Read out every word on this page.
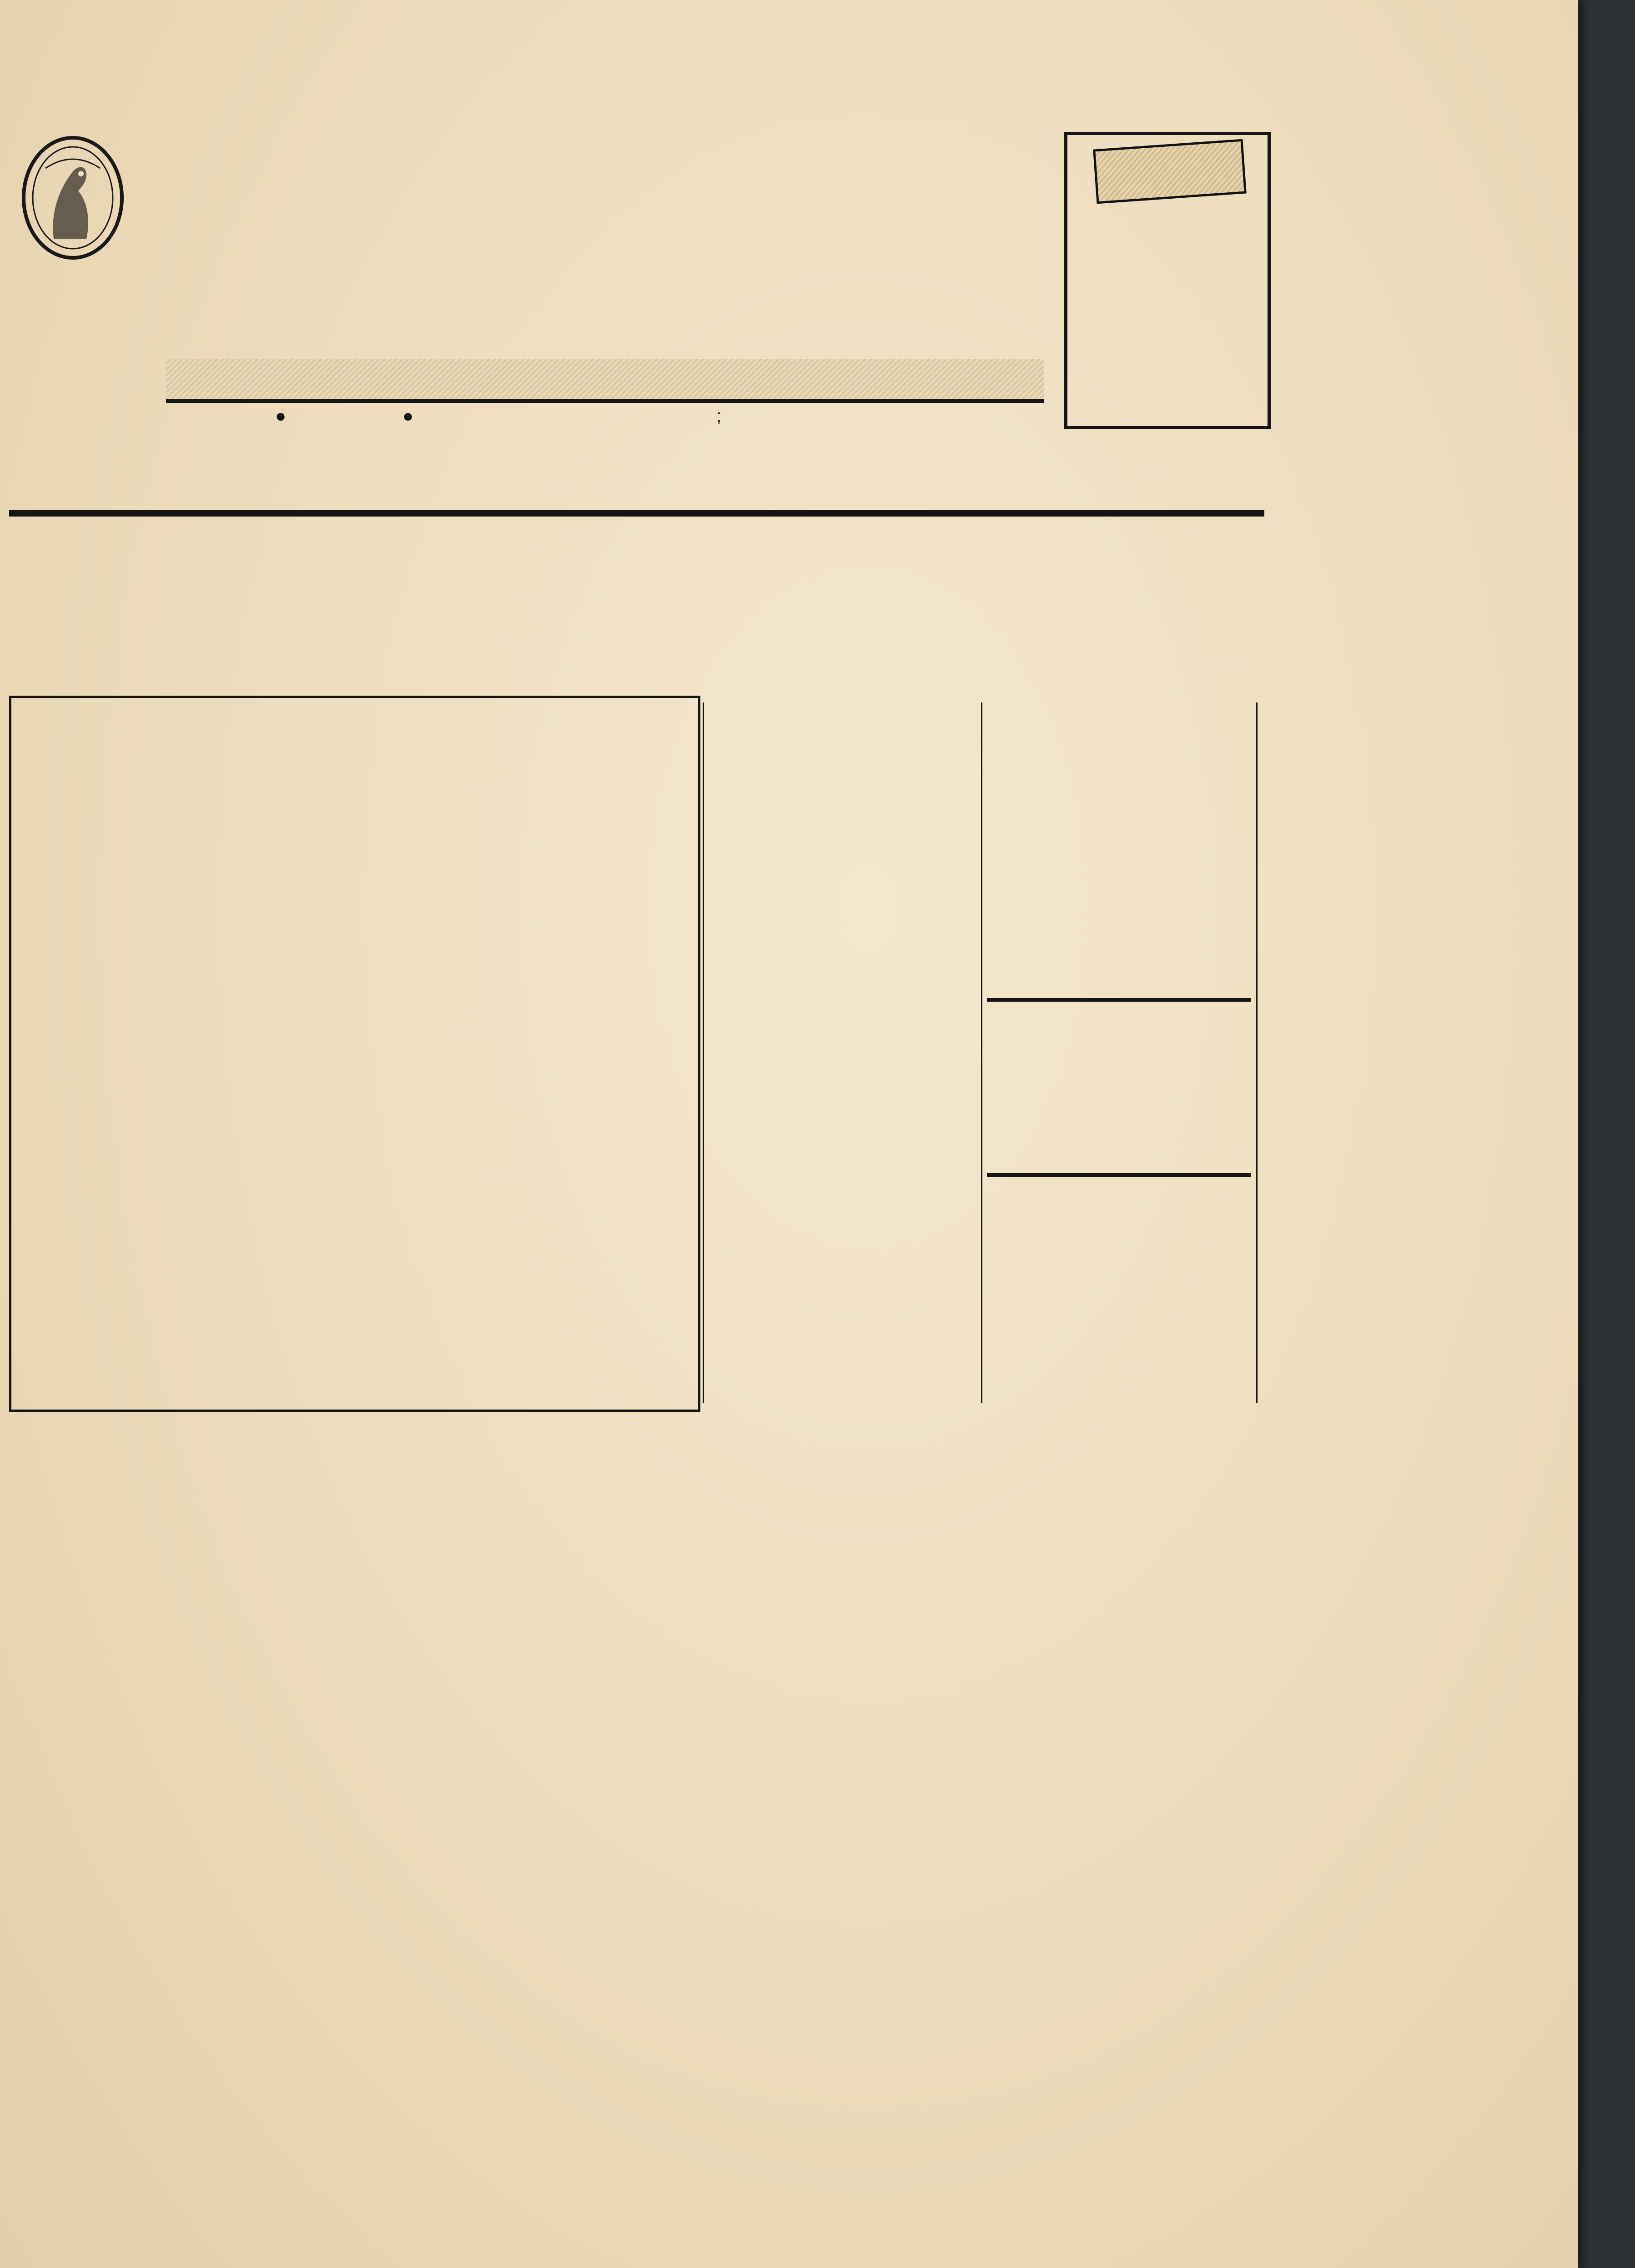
●	●	;
